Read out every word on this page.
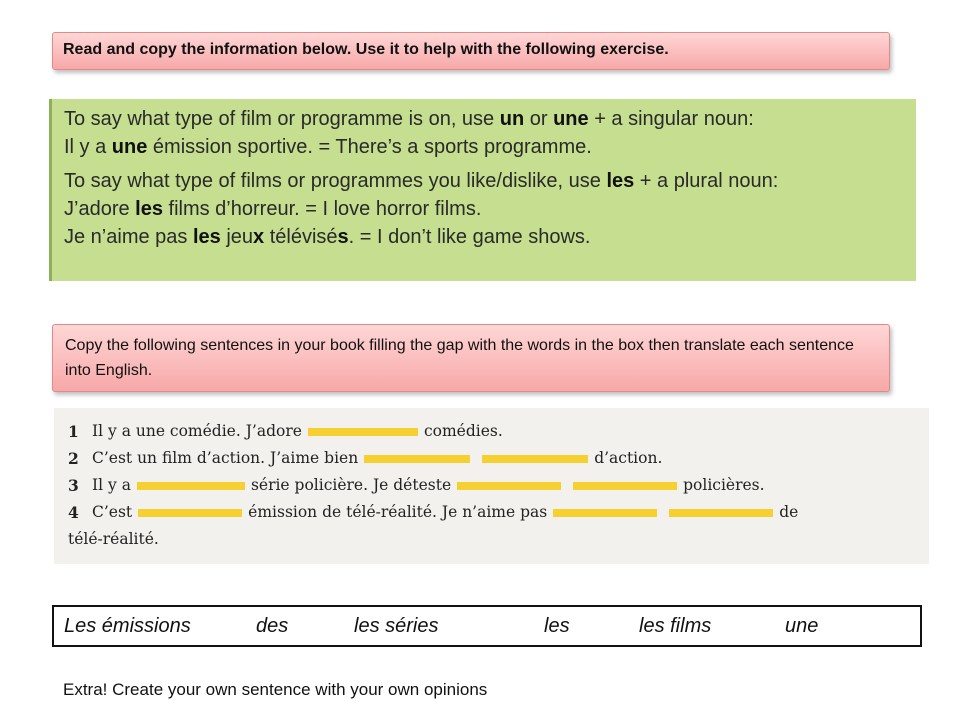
Read and copy the information below. Use it to help with the following exercise.
To say what type of film or programme is on, use un or une + a singular noun:
Il y a une émission sportive. = There’s a sports programme.
To say what type of films or programmes you like/dislike, use les + a plural noun:
J’adore les films d’horreur. = I love horror films.
Je n’aime pas les jeux télévisés. = I don’t like game shows.
Copy the following sentences in your book filling the gap with the words in the box then translate each sentence into English.
1 Il y a une comédie. J’adore	comédies.
2 C’est un film d’action. J’aime bien	d’action.
3 Il y a	série policière. Je déteste	policières.
4 C’est	émission de télé-réalité. Je n’aime pas	de
télé-réalité.
Les émissions	des	les séries	les	les films	une
Extra! Create your own sentence with your own opinions
